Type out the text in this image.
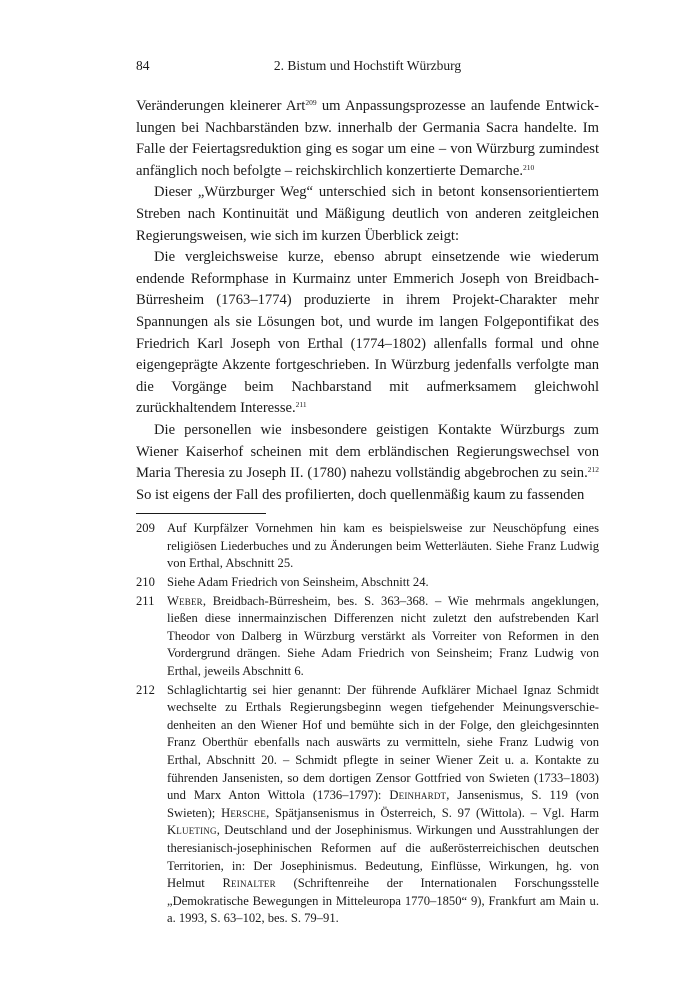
84	2. Bistum und Hochstift Würzburg

Veränderungen kleinerer Art$^{209}$ um Anpassungsprozesse an laufende Entwicklungen bei Nachbarständen bzw. innerhalb der Germania Sacra handelte. Im Falle der Feiertagsreduktion ging es sogar um eine – von Würzburg zumindest anfänglich noch befolgte – reichskirchlich konzertierte Demarche.$^{210}$

Dieser „Würzburger Weg“ unterschied sich in betont konsensorientiertem Streben nach Kontinuität und Mäßigung deutlich von anderen zeitgleichen Regierungsweisen, wie sich im kurzen Überblick zeigt:

Die vergleichsweise kurze, ebenso abrupt einsetzende wie wiederum endende Reformphase in Kurmainz unter Emmerich Joseph von Breidbach-Bürresheim (1763–1774) produzierte in ihrem Projekt-Charakter mehr Spannungen als sie Lösungen bot, und wurde im langen Folgepontifikat des Friedrich Karl Joseph von Erthal (1774–1802) allenfalls formal und ohne eigengeprägte Akzente fortgeschrieben. In Würzburg jedenfalls verfolgte man die Vorgänge beim Nachbarstand mit aufmerksamem gleichwohl zurückhaltendem Interesse.$^{211}$

Die personellen wie insbesondere geistigen Kontakte Würzburgs zum Wiener Kaiserhof scheinen mit dem erbländischen Regierungswechsel von Maria Theresia zu Joseph II. (1780) nahezu vollständig abgebrochen zu sein.$^{212}$ So ist eigens der Fall des profilierten, doch quellenmäßig kaum zu fassenden

209 Auf Kurpfälzer Vornehmen hin kam es beispielsweise zur Neuschöpfung eines religiösen Liederbuches und zu Änderungen beim Wetterläuten. Siehe Franz Ludwig von Erthal, Abschnitt 25.
210 Siehe Adam Friedrich von Seinsheim, Abschnitt 24.
211 Weber, Breidbach-Bürresheim, bes. S. 363–368. – Wie mehrmals angeklungen, ließen diese innermainzischen Differenzen nicht zuletzt den aufstrebenden Karl Theodor von Dalberg in Würzburg verstärkt als Vorreiter von Reformen in den Vordergrund drängen. Siehe Adam Friedrich von Seinsheim; Franz Ludwig von Erthal, jeweils Abschnitt 6.
212 Schlaglichtartig sei hier genannt: Der führende Aufklärer Michael Ignaz Schmidt wechselte zu Erthals Regierungsbeginn wegen tiefgehender Meinungsverschiedenheiten an den Wiener Hof und bemühte sich in der Folge, den gleichgesinnten Franz Oberthür ebenfalls nach auswärts zu vermitteln, siehe Franz Ludwig von Erthal, Abschnitt 20. – Schmidt pflegte in seiner Wiener Zeit u. a. Kontakte zu führenden Jansenisten, so dem dortigen Zensor Gottfried von Swieten (1733–1803) und Marx Anton Wittola (1736–1797): Deinhardt, Jansenismus, S. 119 (von Swieten); Hersche, Spätjansenismus in Österreich, S. 97 (Wittola). – Vgl. Harm Klueting, Deutschland und der Josephinismus. Wirkungen und Ausstrahlungen der theresianisch-josephinischen Reformen auf die außerösterreichischen deutschen Territorien, in: Der Josephinismus. Bedeutung, Einflüsse, Wirkungen, hg. von Helmut Reinalter (Schriftenreihe der Internationalen Forschungsstelle „Demokratische Bewegungen in Mitteleuropa 1770–1850“ 9), Frankfurt am Main u. a. 1993, S. 63–102, bes. S. 79–91.
